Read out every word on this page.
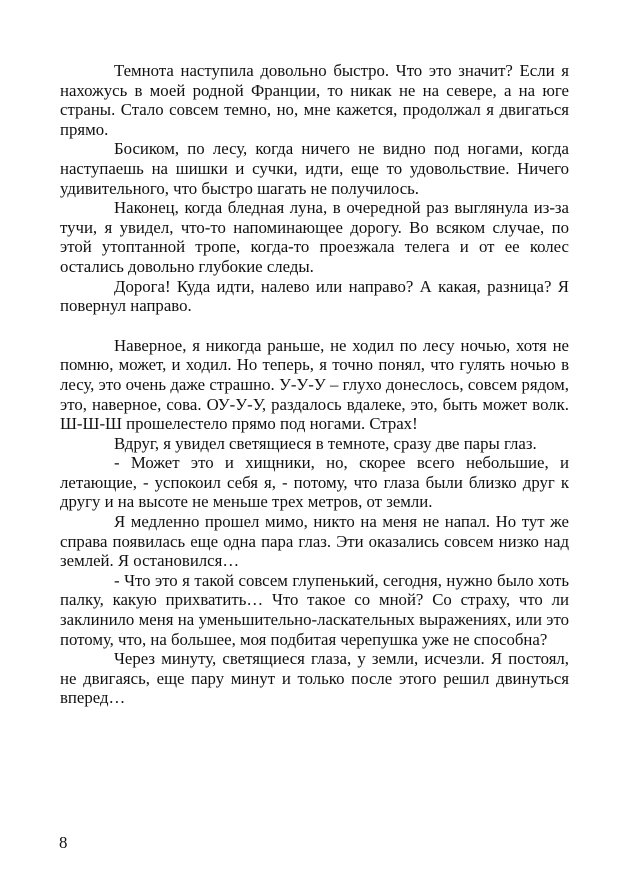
Темнота наступила довольно быстро. Что это значит? Если я нахожусь в моей родной Франции, то никак не на севере, а на юге страны. Стало совсем темно, но, мне кажется, продолжал я двигаться прямо.

Босиком, по лесу, когда ничего не видно под ногами, когда наступаешь на шишки и сучки, идти, еще то удовольствие. Ничего удивительного, что быстро шагать не получилось.

Наконец, когда бледная луна, в очередной раз выглянула из-за тучи, я увидел, что-то напоминающее дорогу. Во всяком случае, по этой утоптанной тропе, когда-то проезжала телега и от ее колес остались довольно глубокие следы.

Дорога! Куда идти, налево или направо? А какая, разница? Я повернул направо.

Наверное, я никогда раньше, не ходил по лесу ночью, хотя не помню, может, и ходил. Но теперь, я точно понял, что гулять ночью в лесу, это очень даже страшно. У-У-У – глухо донеслось, совсем рядом, это, наверное, сова. ОУ-У-У, раздалось вдалеке, это, быть может волк. Ш-Ш-Ш прошелестело прямо под ногами. Страх!

Вдруг, я увидел светящиеся в темноте, сразу две пары глаз.

- Может это и хищники, но, скорее всего небольшие, и летающие, - успокоил себя я, - потому, что глаза были близко друг к другу и на высоте не меньше трех метров, от земли.

Я медленно прошел мимо, никто на меня не напал. Но тут же справа появилась еще одна пара глаз. Эти оказались совсем низко над землей. Я остановился…

- Что это я такой совсем глупенький, сегодня, нужно было хоть палку, какую прихватить… Что такое со мной? Со страху, что ли заклинило меня на уменьшительно-ласкательных выражениях, или это потому, что, на большее, моя подбитая черепушка уже не способна?

Через минуту, светящиеся глаза, у земли, исчезли. Я постоял, не двигаясь, еще пару минут и только после этого решил двинуться вперед…

8
